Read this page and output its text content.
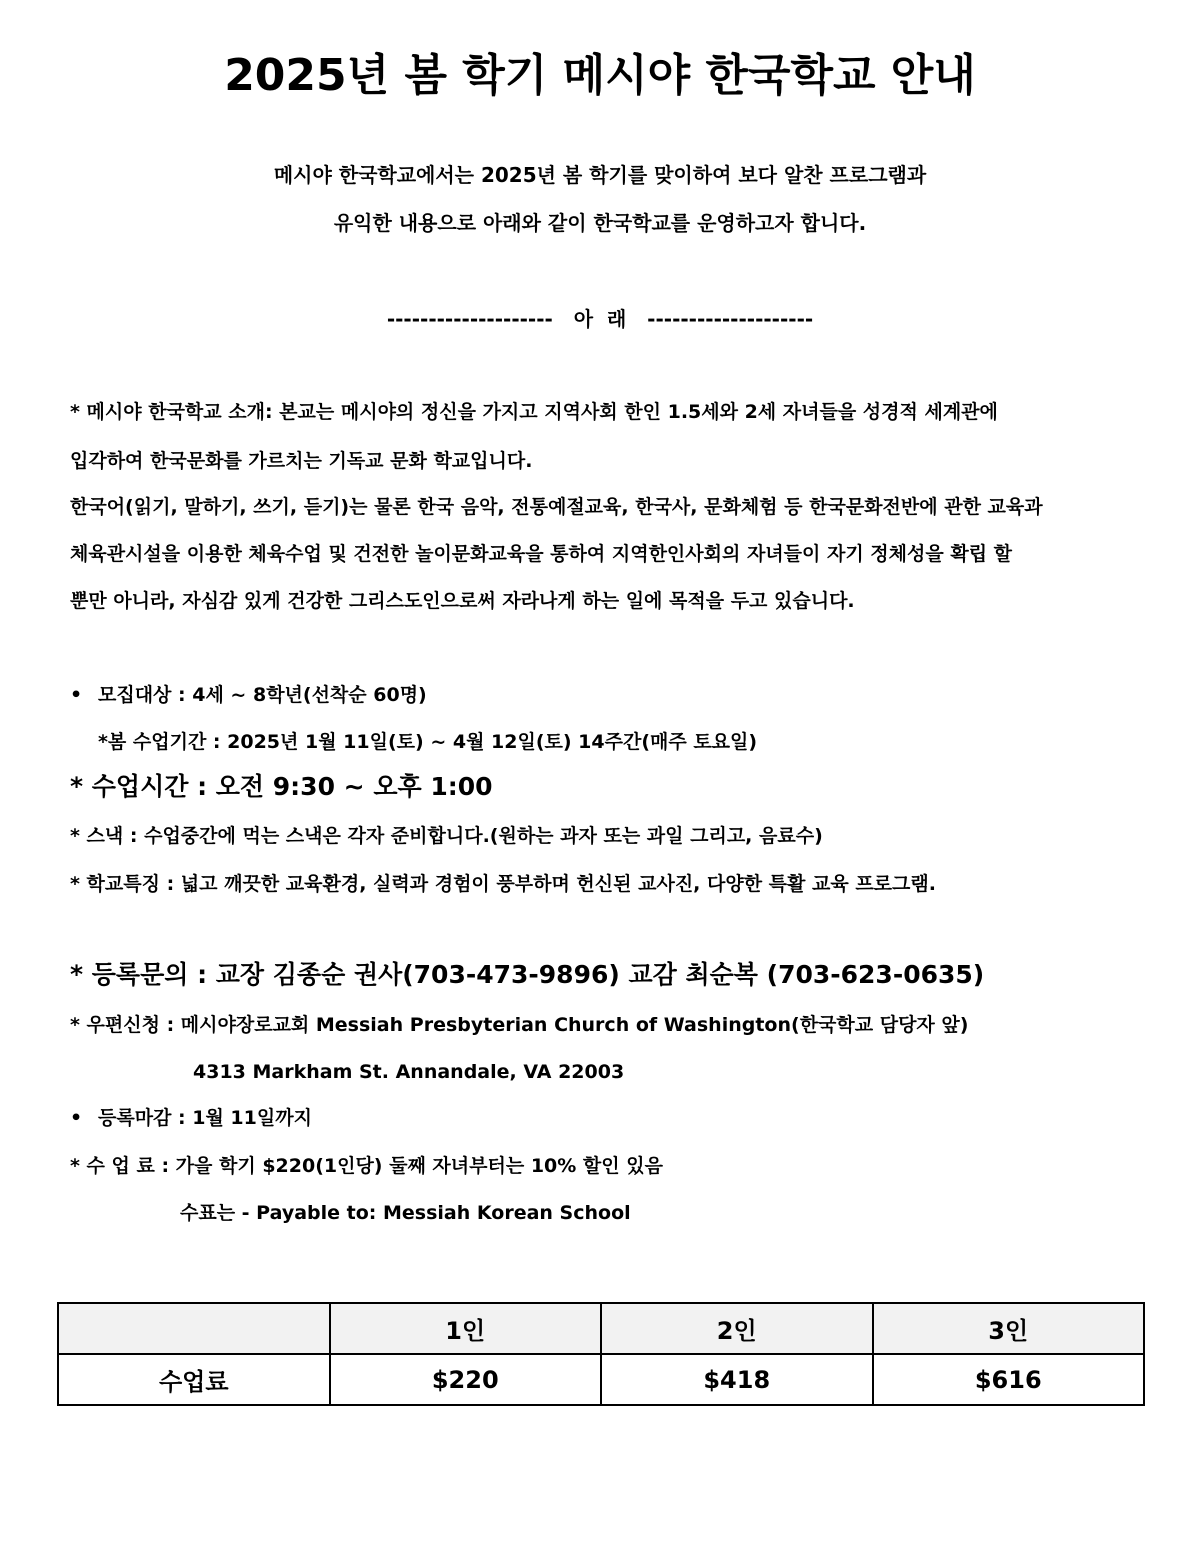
2025년 봄 학기 메시야 한국학교 안내
메시야 한국학교에서는 2025년 봄 학기를 맞이하여 보다 알찬 프로그램과
유익한 내용으로 아래와 같이 한국학교를 운영하고자 합니다.
--------------------   아  래   --------------------
* 메시야 한국학교 소개: 본교는 메시야의 정신을 가지고 지역사회 한인 1.5세와 2세 자녀들을 성경적 세계관에
입각하여 한국문화를 가르치는 기독교 문화 학교입니다.
한국어(읽기, 말하기, 쓰기, 듣기)는 물론 한국 음악, 전통예절교육, 한국사, 문화체험 등 한국문화전반에 관한 교육과
체육관시설을 이용한 체육수업 및 건전한 놀이문화교육을 통하여 지역한인사회의 자녀들이 자기 정체성을 확립 할
뿐만 아니라, 자심감 있게 건강한 그리스도인으로써 자라나게 하는 일에 목적을 두고 있습니다.
• 모집대상 : 4세 ~ 8학년(선착순 60명)
*봄 수업기간 : 2025년 1월 11일(토) ~ 4월 12일(토) 14주간(매주 토요일)
* 수업시간 : 오전 9:30 ~ 오후 1:00
* 스낵 : 수업중간에 먹는 스낵은 각자 준비합니다.(원하는 과자 또는 과일 그리고, 음료수)
* 학교특징 : 넓고 깨끗한 교육환경, 실력과 경험이 풍부하며 헌신된 교사진, 다양한 특활 교육 프로그램.
* 등록문의 : 교장 김종순 권사(703-473-9896) 교감 최순복 (703-623-0635)
* 우편신청 : 메시야장로교회 Messiah Presbyterian Church of Washington(한국학교 담당자 앞)
4313 Markham St. Annandale, VA 22003
• 등록마감 : 1월 11일까지
* 수 업 료 : 가을 학기 $220(1인당) 둘째 자녀부터는 10% 할인 있음
수표는 - Payable to: Messiah Korean School
	1인	2인	3인
수업료	$220	$418	$616
